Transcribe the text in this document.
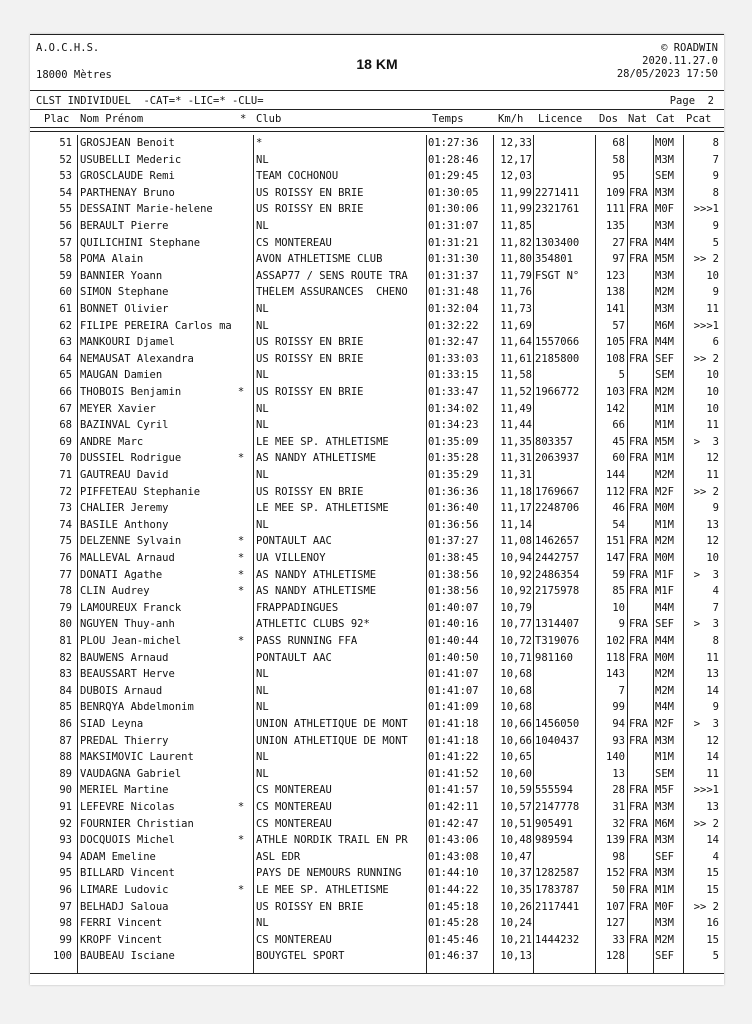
A.O.C.H.S.
18000 Mètres
18 KM
© ROADWIN
2020.11.27.0
28/05/2023 17:50
CLST INDIVIDUEL  -CAT=* -LIC=* -CLU=	Page  2
Plac Nom Prénom	* Club	Temps	Km/h Licence Dos Nat Cat Pcat
51 GROSJEAN Benoit	*	01:27:36	12,33	68	M0M	8
52 USUBELLI Mederic	NL	01:28:46	12,17	58	M3M	7
53 GROSCLAUDE Remi	TEAM COCHONOU	01:29:45	12,03	95	SEM	9
54 PARTHENAY Bruno	US ROISSY EN BRIE	01:30:05	11,99 2271411	109 FRA M3M	8
55 DESSAINT Marie-helene	US ROISSY EN BRIE	01:30:06	11,99 2321761	111 FRA M0F	>>>1
56 BERAULT Pierre	NL	01:31:07	11,85	135	M3M	9
57 QUILICHINI Stephane	CS MONTEREAU	01:31:21	11,82 1303400	27 FRA M4M	5
58 POMA Alain	AVON ATHLETISME CLUB	01:31:30	11,80 354801	97 FRA M5M	>> 2
59 BANNIER Yoann	ASSAP77 / SENS ROUTE TRA	01:31:37	11,79 FSGT N°	123	M3M	10
60 SIMON Stephane	THÉLEM ASSURANCES  CHENO	01:31:48	11,76	138	M2M	9
61 BONNET Olivier	NL	01:32:04	11,73	141	M3M	11
62 FILIPE PEREIRA Carlos ma	NL	01:32:22	11,69	57	M6M	>>>1
63 MANKOURI Djamel	US ROISSY EN BRIE	01:32:47	11,64 1557066	105 FRA M4M	6
64 NEMAUSAT Alexandra	US ROISSY EN BRIE	01:33:03	11,61 2185800	108 FRA SEF	>> 2
65 MAUGAN Damien	NL	01:33:15	11,58	5	SEM	10
66 THOBOIS Benjamin	* US ROISSY EN BRIE	01:33:47	11,52 1966772	103 FRA M2M	10
67 MEYER Xavier	NL	01:34:02	11,49	142	M1M	10
68 BAZINVAL Cyril	NL	01:34:23	11,44	66	M1M	11
69 ANDRE Marc	LE MEE SP. ATHLETISME	01:35:09	11,35 803357	45 FRA M5M	>  3
70 DUSSIEL Rodrigue	* AS NANDY ATHLETISME	01:35:28	11,31 2063937	60 FRA M1M	12
71 GAUTREAU David	NL	01:35:29	11,31	144	M2M	11
72 PIFFETEAU Stephanie	US ROISSY EN BRIE	01:36:36	11,18 1769667	112 FRA M2F	>> 2
73 CHALIER Jeremy	LE MEE SP. ATHLETISME	01:36:40	11,17 2248706	46 FRA M0M	9
74 BASILE Anthony	NL	01:36:56	11,14	54	M1M	13
75 DELZENNE Sylvain	* PONTAULT AAC	01:37:27	11,08 1462657	151 FRA M2M	12
76 MALLEVAL Arnaud	* UA VILLENOY	01:38:45	10,94 2442757	147 FRA M0M	10
77 DONATI Agathe	* AS NANDY ATHLETISME	01:38:56	10,92 2486354	59 FRA M1F	>  3
78 CLIN Audrey	* AS NANDY ATHLETISME	01:38:56	10,92 2175978	85 FRA M1F	4
79 LAMOUREUX Franck	FRAPPADINGUES	01:40:07	10,79	10	M4M	7
80 NGUYEN Thuy-anh	ATHLETIC CLUBS 92*	01:40:16	10,77 1314407	9 FRA SEF	>  3
81 PLOU Jean-michel	* PASS RUNNING FFA	01:40:44	10,72 T319076	102 FRA M4M	8
82 BAUWENS Arnaud	PONTAULT AAC	01:40:50	10,71 981160	118 FRA M0M	11
83 BEAUSSART Herve	NL	01:41:07	10,68	143	M2M	13
84 DUBOIS Arnaud	NL	01:41:07	10,68	7	M2M	14
85 BENRQYA Abdelmonim	NL	01:41:09	10,68	99	M4M	9
86 SIAD Leyna	UNION ATHLETIQUE DE MONT	01:41:18	10,66 1456050	94 FRA M2F	>  3
87 PREDAL Thierry	UNION ATHLETIQUE DE MONT	01:41:18	10,66 1040437	93 FRA M3M	12
88 MAKSIMOVIC Laurent	NL	01:41:22	10,65	140	M1M	14
89 VAUDAGNA Gabriel	NL	01:41:52	10,60	13	SEM	11
90 MERIEL Martine	CS MONTEREAU	01:41:57	10,59 555594	28 FRA M5F	>>>1
91 LEFEVRE Nicolas	* CS MONTEREAU	01:42:11	10,57 2147778	31 FRA M3M	13
92 FOURNIER Christian	CS MONTEREAU	01:42:47	10,51 905491	32 FRA M6M	>> 2
93 DOCQUOIS Michel	* ATHLE NORDIK TRAIL EN PR	01:43:06	10,48 989594	139 FRA M3M	14
94 ADAM Emeline	ASL EDR	01:43:08	10,47	98	SEF	4
95 BILLARD Vincent	PAYS DE NEMOURS RUNNING	01:44:10	10,37 1282587	152 FRA M3M	15
96 LIMARE Ludovic	* LE MEE SP. ATHLETISME	01:44:22	10,35 1783787	50 FRA M1M	15
97 BELHADJ Saloua	US ROISSY EN BRIE	01:45:18	10,26 2117441	107 FRA M0F	>> 2
98 FERRI Vincent	NL	01:45:28	10,24	127	M3M	16
99 KROPF Vincent	CS MONTEREAU	01:45:46	10,21 1444232	33 FRA M2M	15
100 BAUBEAU Isciane	BOUYGTEL SPORT	01:46:37	10,13	128	SEF	5
